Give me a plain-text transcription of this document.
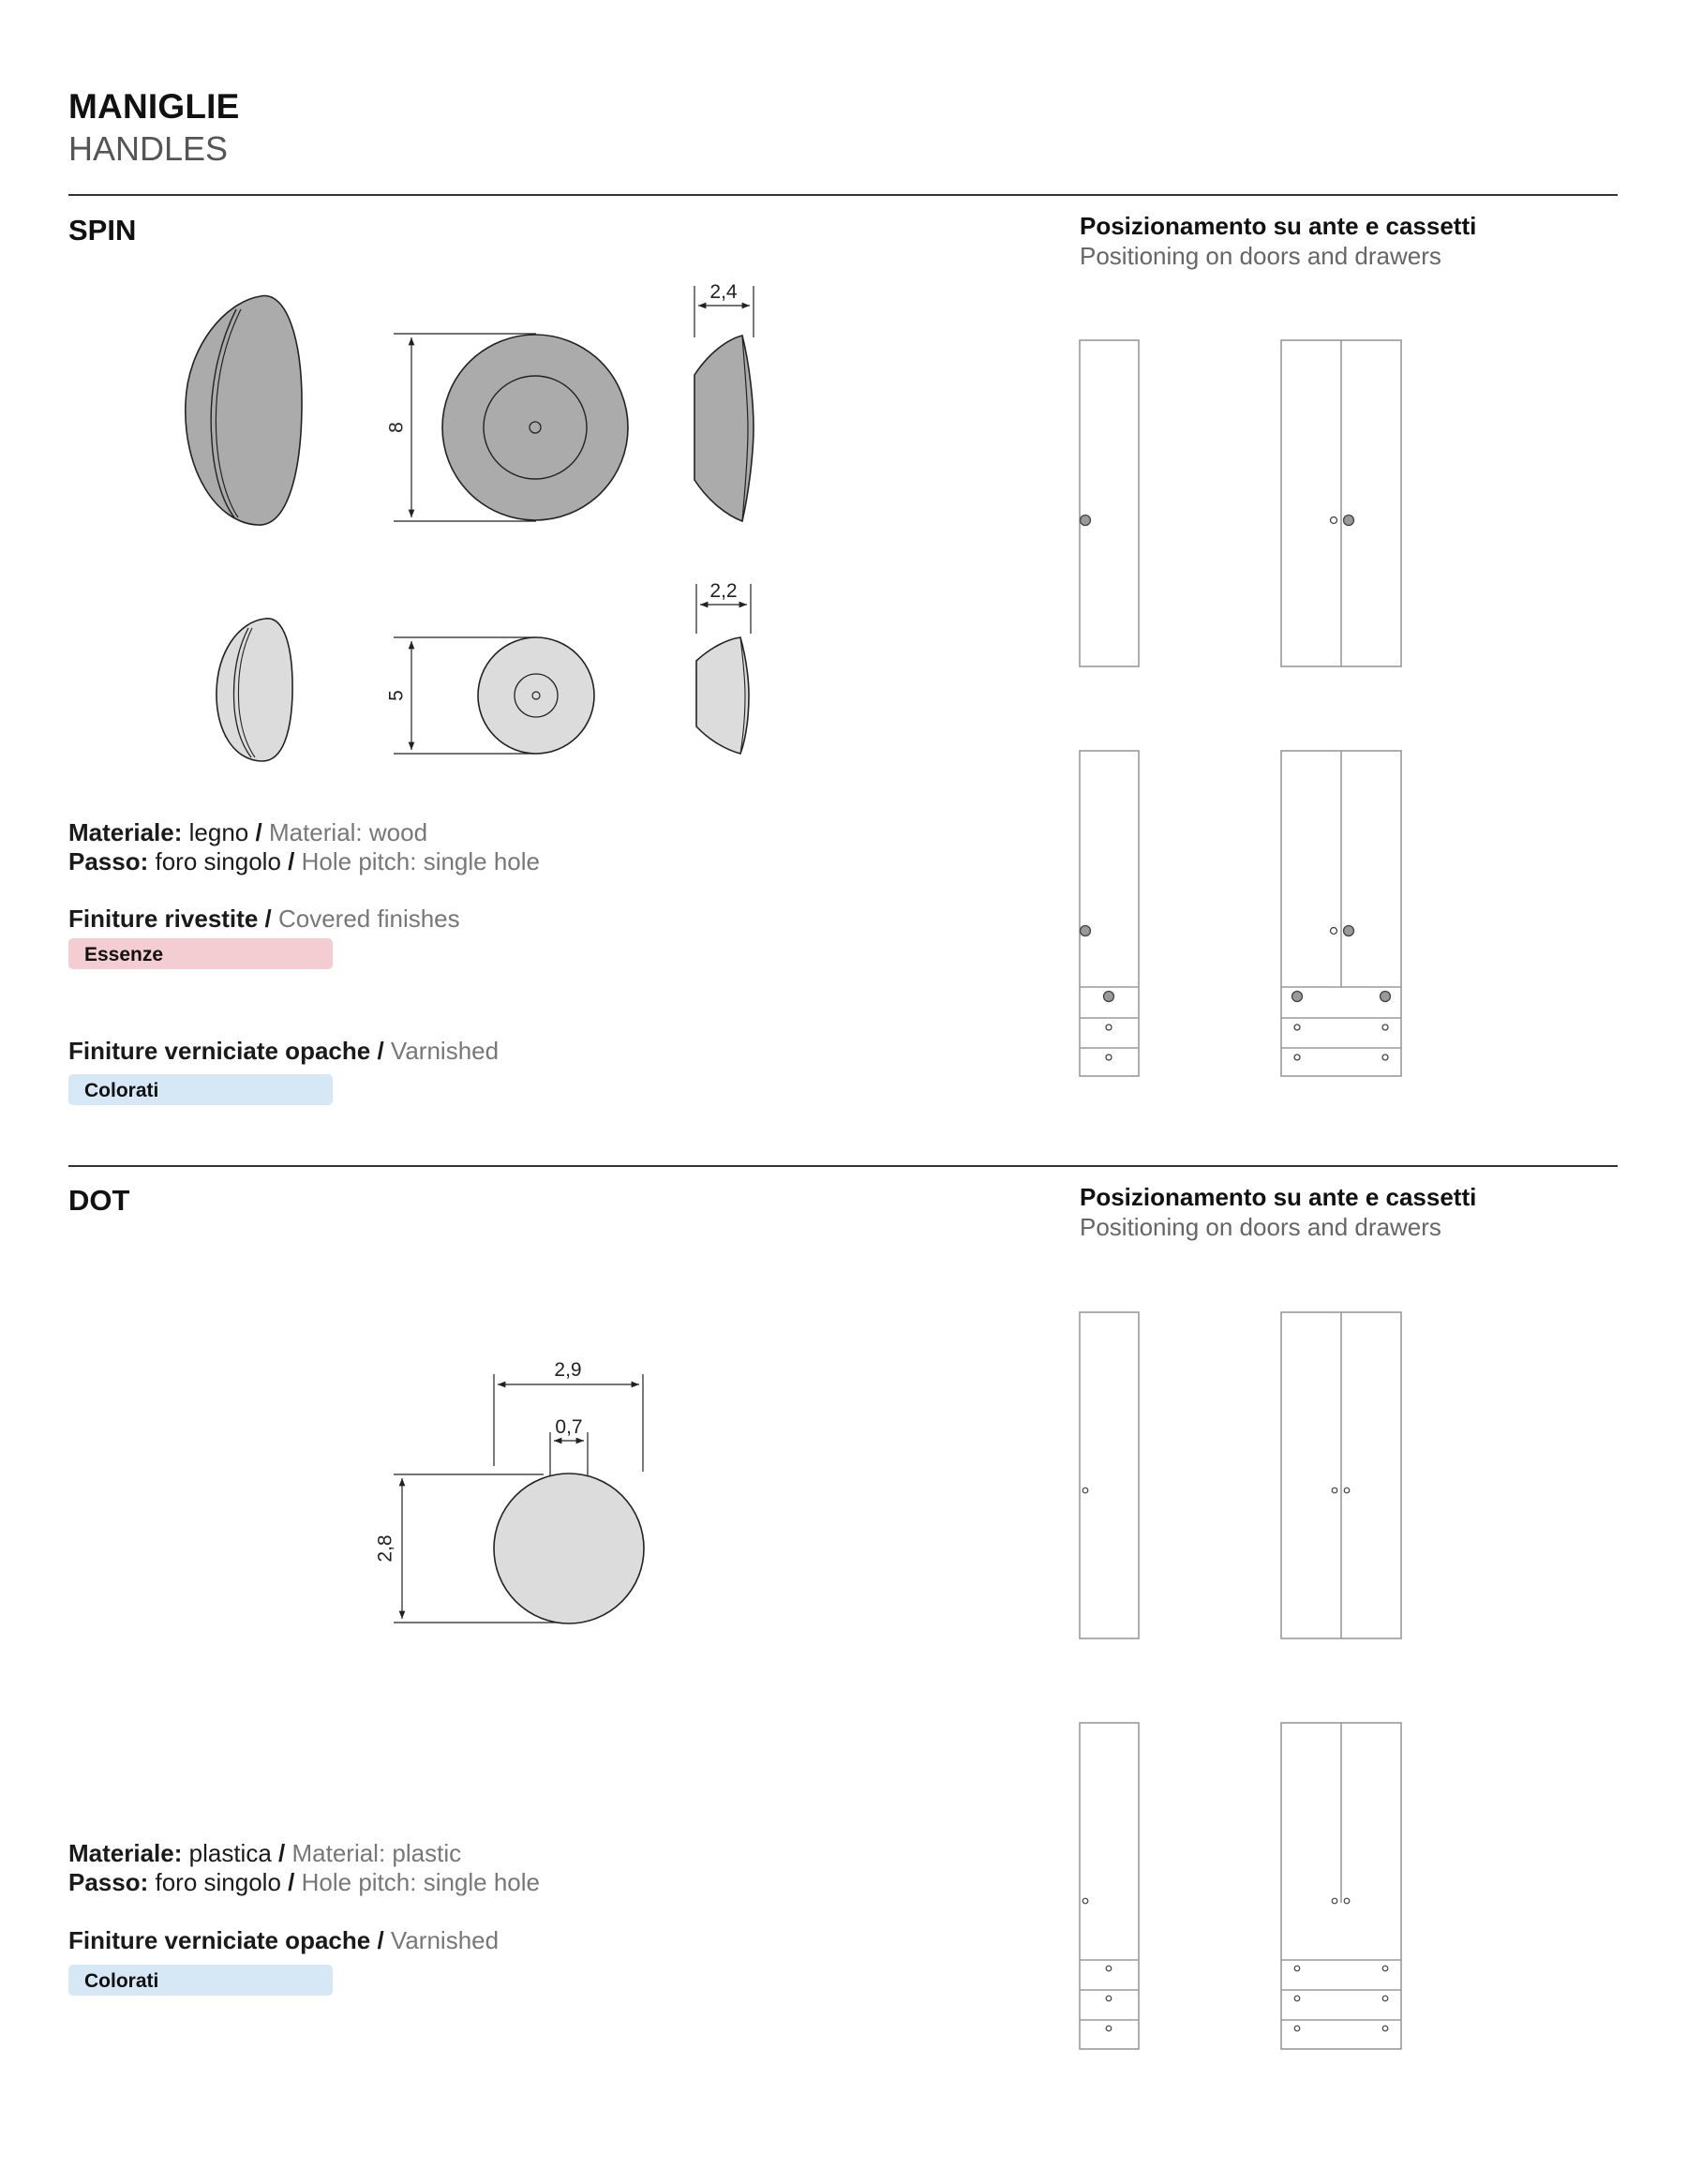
MANIGLIE
HANDLES
SPIN	Posizionamento su ante e cassetti
Positioning on doors and drawers
8
2,4
5
2,2
Materiale: legno / Material: wood
Passo: foro singolo / Hole pitch: single hole
Finiture rivestite / Covered finishes
Essenze
Finiture verniciate opache / Varnished
Colorati
DOT	Posizionamento su ante e cassetti
Positioning on doors and drawers
2,9
0,7
2,8
Materiale: plastica / Material: plastic
Passo: foro singolo / Hole pitch: single hole
Finiture verniciate opache / Varnished
Colorati
